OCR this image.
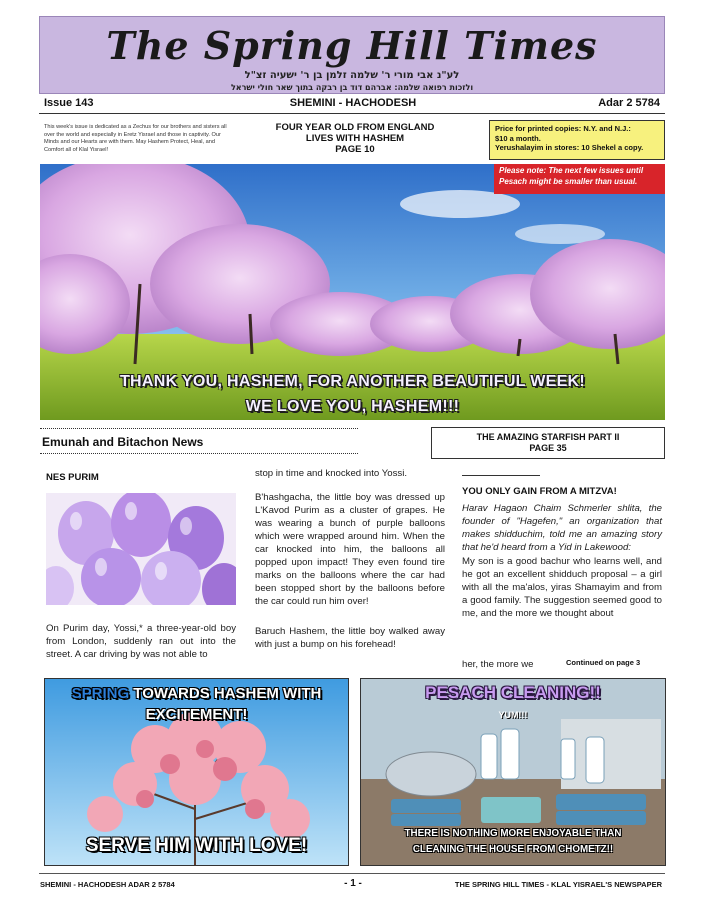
The Spring Hill Times
לע"נ אבי מורי ר' שלמה זלמן בן ר' ישעיה זצ"ל
ולזכות רפואה שלמה: אברהם דוד בן רבקה בתוך שאר חולי ישראל
Issue 143	SHEMINI - HACHODESH	Adar 2 5784
This week's issue is dedicated as a Zechus for our brothers and sisters all over the world and especially in Eretz Yisrael and those in captivity. Our Minds and our Hearts are with them. May Hashem Protect, Heal, and Comfort all of Klal Yisrael!
FOUR YEAR OLD FROM ENGLAND
LIVES WITH HASHEM
PAGE 10
Price for printed copies: N.Y. and N.J.:
$10 a month.
Yerushalayim in stores: 10 Shekel a copy.
Please note: The next few issues until Pesach might be smaller than usual.
THANK YOU, HASHEM, FOR ANOTHER BEAUTIFUL WEEK!
WE LOVE YOU, HASHEM!!!
Emunah and Bitachon News	THE AMAZING STARFISH PART II
PAGE 35
NES PURIM
On Purim day, Yossi,* a three-year-old boy from London, suddenly ran out into the street. A car driving by was not able to
stop in time and knocked into Yossi.
B'hashgacha, the little boy was dressed up L'Kavod Purim as a cluster of grapes. He was wearing a bunch of purple balloons which were wrapped around him. When the car knocked into him, the balloons all popped upon impact! They even found tire marks on the balloons where the car had been stopped short by the balloons before the car could run him over!
Baruch Hashem, the little boy walked away with just a bump on his forehead!
YOU ONLY GAIN FROM A MITZVA!
Harav Hagaon Chaim Schmerler shlita, the founder of "Hagefen," an organization that makes shidduchim, told me an amazing story that he'd heard from a Yid in Lakewood:
My son is a good bachur who learns well, and he got an excellent shidduch proposal – a girl with all the ma'alos, yiras Shamayim and from a good family. The suggestion seemed good to me, and the more we thought about
her, the more we	Continued on page 3
SPRING TOWARDS HASHEM WITH
EXCITEMENT!
SERVE HIM WITH LOVE!
PESACH CLEANING!!
YUM!!!
THERE IS NOTHING MORE ENJOYABLE THAN
CLEANING THE HOUSE FROM CHOMETZ!!
SHEMINI - HACHODESH ADAR 2 5784	- 1 -	THE SPRING HILL TIMES - KLAL YISRAEL'S NEWSPAPER
